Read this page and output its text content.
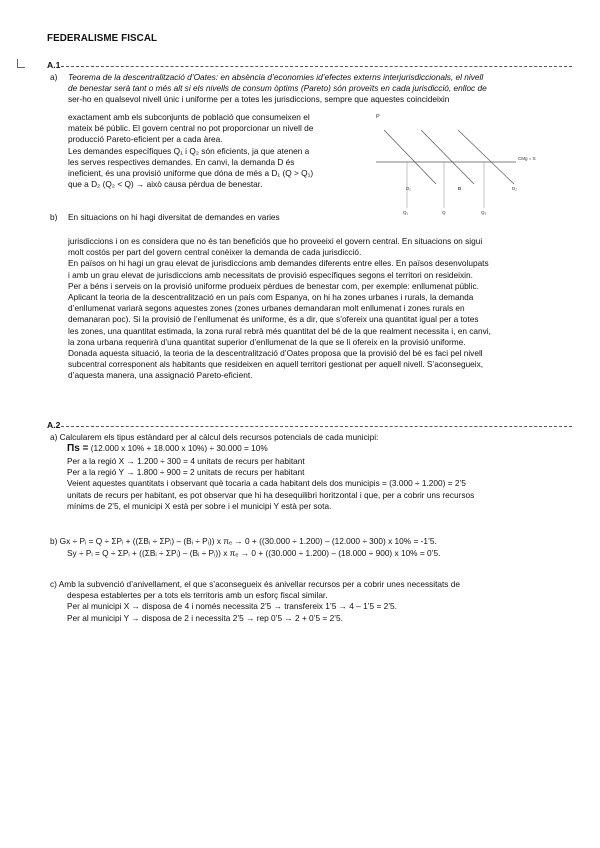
FEDERALISME FISCAL
A.1
a) Teorema de la descentralització d’Oates: en absència d’economies id’efectes externs interjurisdiccionals, el nivell

de benestar serà tant o més alt si els nivells de consum òptims (Pareto) són proveïts en cada jurisdicció, enlloc de

ser-ho en qualsevol nivell únic i uniforme per a totes les jurisdiccions, sempre que aquestes coincideixin

exactament amb els subconjunts de població que consumeixen el

mateix bé públic. El govern central no pot proporcionar un nivell de

producció Pareto-eficient per a cada àrea.

Les demandes específiques Q₁ i Q₂ són eficients, ja que atenen a

les serves respectives demandes. En canvi, la demanda D és

ineficient, és una provisió uniforme que dóna de més a D₁ (Q > Q₁)

que a D₂ (Q₂ < Q) → això causa pèrdua de benestar.

P
CMg = S
D₁	D	D₂
Q₁	Q	Q₂
b) En situacions on hi hagi diversitat de demandes en varies

jurisdiccions i on es considera que no és tan beneficiós que ho proveeixi el govern central. En situacions on sigui

molt costós per part del govern central conèixer la demanda de cada jurisdicció.

En països on hi hagi un grau elevat de jurisdiccions amb demandes diferents entre elles. En països desenvolupats

i amb un grau elevat de jurisdiccions amb necessitats de provisió específiques segons el territori on resideixin.

Per a béns i serveis on la provisió uniforme produeix pèrdues de benestar com, per exemple: enllumenat públic.

Aplicant la teoria de la descentralització en un país com Espanya, on hi ha zones urbanes i rurals, la demanda

d’enllumenat variarà segons aquestes zones (zones urbanes demandaran molt enllumenat i zones rurals en

demanaran poc). Si la provisió de l’enllumenat és uniforme, és a dir, que s’ofereix una quantitat igual per a totes

les zones, una quantitat estimada, la zona rural rebrà més quantitat del bé de la que realment necessita i, en canvi,

la zona urbana requerirà d’una quantitat superior d’enllumenat de la que se li ofereix en la provisió uniforme.

Donada aquesta situació, la teoria de la descentralització d’Oates proposa que la provisió del bé es faci pel nivell

subcentral corresponent als habitants que resideixen en aquell territori gestionat per aquell nivell. S’aconsegueix,

d’aquesta manera, una assignació Pareto-eficient.

A.2
a) Calcularem els tipus estàndard per al càlcul dels recursos potencials de cada municipi:
Πs = (12.000 x 10% + 18.000 x 10%) ÷ 30.000 = 10%

Per a la regió X → 1.200 ÷ 300 = 4 unitats de recurs per habitant

Per a la regió Y → 1.800 ÷ 900 = 2 unitats de recurs per habitant

Veient aquestes quantitats i observant què tocaria a cada habitant dels dos municipis = (3.000 ÷ 1.200) = 2’5

unitats de recurs per habitant, es pot observar que hi ha desequilibri horitzontal i que, per a cobrir uns recursos

mínims de 2’5, el municipi X està per sobre i el municipi Y està per sota.

b) Gx ÷ Pᵢ = Q ÷ ΣPᵢ + ((ΣBᵢ ÷ ΣPᵢ) – (Bᵢ ÷ Pᵢ)) x πₑ → 0 + ((30.000 ÷ 1.200) – (12.000 ÷ 300) x 10% = -1’5.
Sy ÷ Pᵢ = Q ÷ ΣPᵢ + ((ΣBᵢ ÷ ΣPᵢ) – (Bᵢ ÷ Pᵢ)) x πₑ → 0 + ((30.000 ÷ 1.200) – (18.000 ÷ 900) x 10% = 0’5.

c) Amb la subvenció d’anivellament, el que s’aconsegueix és anivellar recursos per a cobrir unes necessitats de

despesa establertes per a tots els territoris amb un esforç fiscal similar.

Per al municipi X → disposa de 4 i només necessita 2’5 → transfereix 1’5 → 4 – 1’5 = 2’5.

Per al municipi Y → disposa de 2 i necessita 2’5 → rep 0’5 → 2 + 0’5 = 2’5.
